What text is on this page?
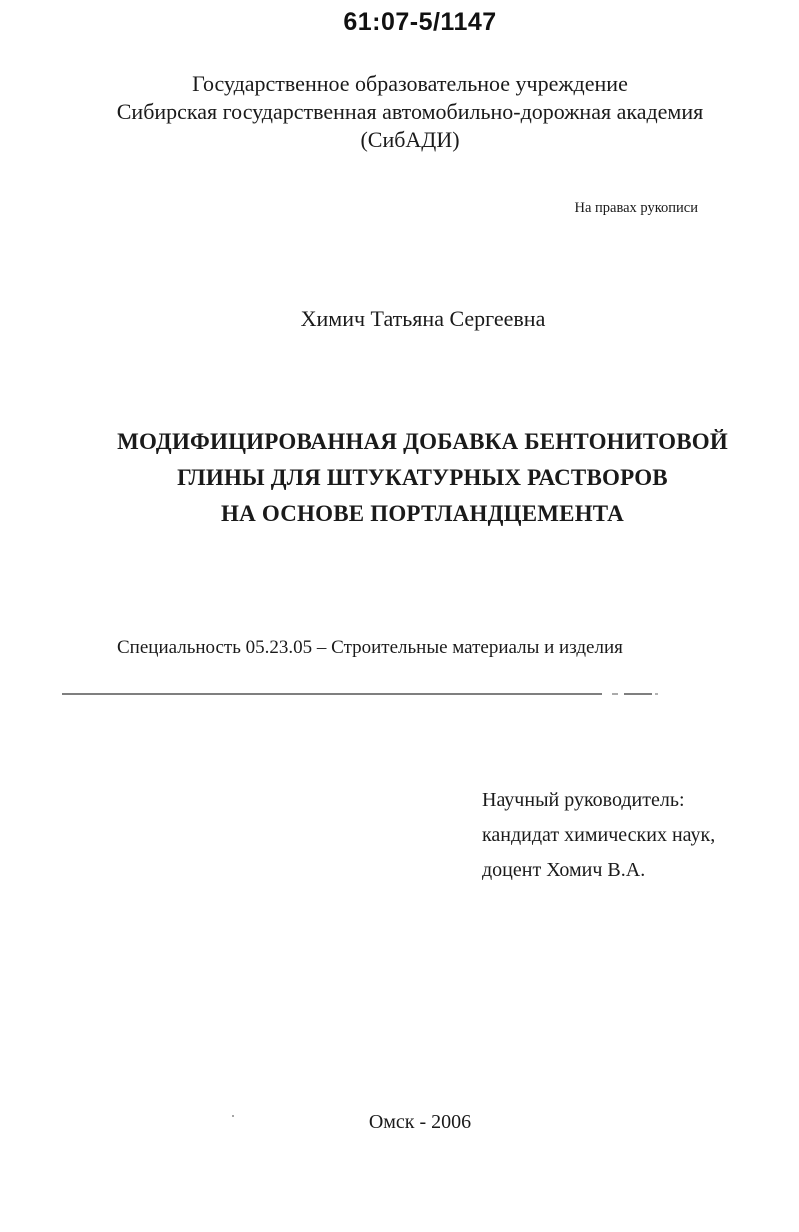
61:07-5/1147
Государственное образовательное учреждение
Сибирская государственная автомобильно-дорожная академия
(СибАДИ)
На правах рукописи
Химич Татьяна Сергеевна
МОДИФИЦИРОВАННАЯ ДОБАВКА БЕНТОНИТОВОЙ
ГЛИНЫ ДЛЯ ШТУКАТУРНЫХ РАСТВОРОВ
НА ОСНОВЕ ПОРТЛАНДЦЕМЕНТА
Специальность 05.23.05 – Строительные материалы и изделия
Научный руководитель:
кандидат химических наук,
доцент Хомич В.А.
Омск - 2006
